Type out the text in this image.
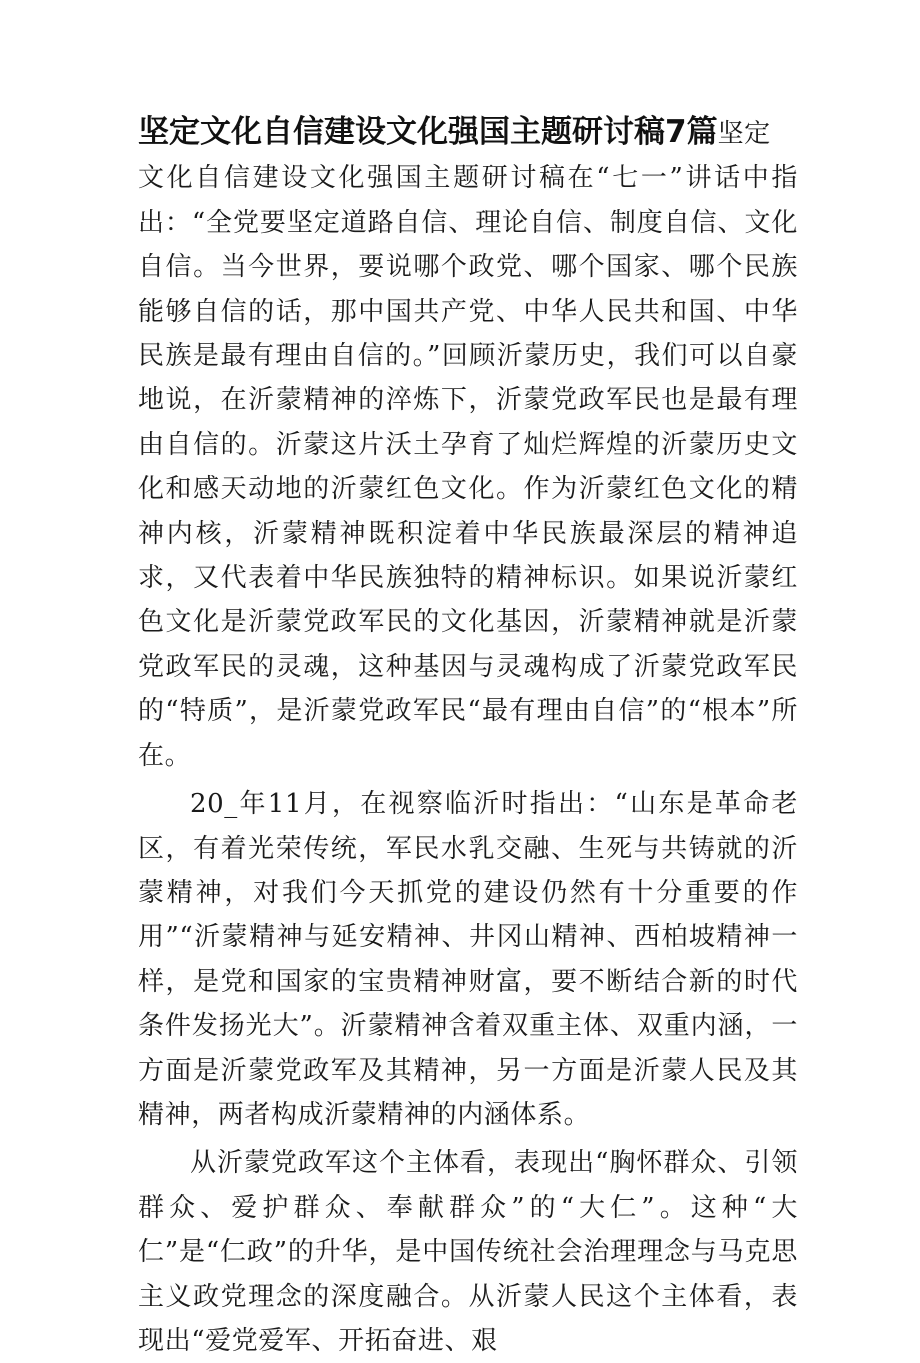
坚定文化自信建设文化强国主题研讨稿7篇坚定

文化自信建设文化强国主题研讨稿在“七一”讲话中指出：“全党要坚定道路自信、理论自信、制度自信、文化自信。当今世界，要说哪个政党、哪个国家、哪个民族能够自信的话，那中国共产党、中华人民共和国、中华民族是最有理由自信的。”回顾沂蒙历史，我们可以自豪地说，在沂蒙精神的淬炼下，沂蒙党政军民也是最有理由自信的。沂蒙这片沃土孕育了灿烂辉煌的沂蒙历史文化和感天动地的沂蒙红色文化。作为沂蒙红色文化的精神内核，沂蒙精神既积淀着中华民族最深层的精神追求，又代表着中华民族独特的精神标识。如果说沂蒙红色文化是沂蒙党政军民的文化基因，沂蒙精神就是沂蒙党政军民的灵魂，这种基因与灵魂构成了沂蒙党政军民的“特质”，是沂蒙党政军民“最有理由自信”的“根本”所在。

20_年11月，在视察临沂时指出：“山东是革命老区，有着光荣传统，军民水乳交融、生死与共铸就的沂蒙精神，对我们今天抓党的建设仍然有十分重要的作用”“沂蒙精神与延安精神、井冈山精神、西柏坡精神一样，是党和国家的宝贵精神财富，要不断结合新的时代条件发扬光大”。沂蒙精神含着双重主体、双重内涵，一方面是沂蒙党政军及其精神，另一方面是沂蒙人民及其精神，两者构成沂蒙精神的内涵体系。

从沂蒙党政军这个主体看，表现出“胸怀群众、引领群众、爱护群众、奉献群众”的“大仁”。这种“大仁”是“仁政”的升华，是中国传统社会治理理念与马克思主义政党理念的深度融合。从沂蒙人民这个主体看，表现出“爱党爱军、开拓奋进、艰
